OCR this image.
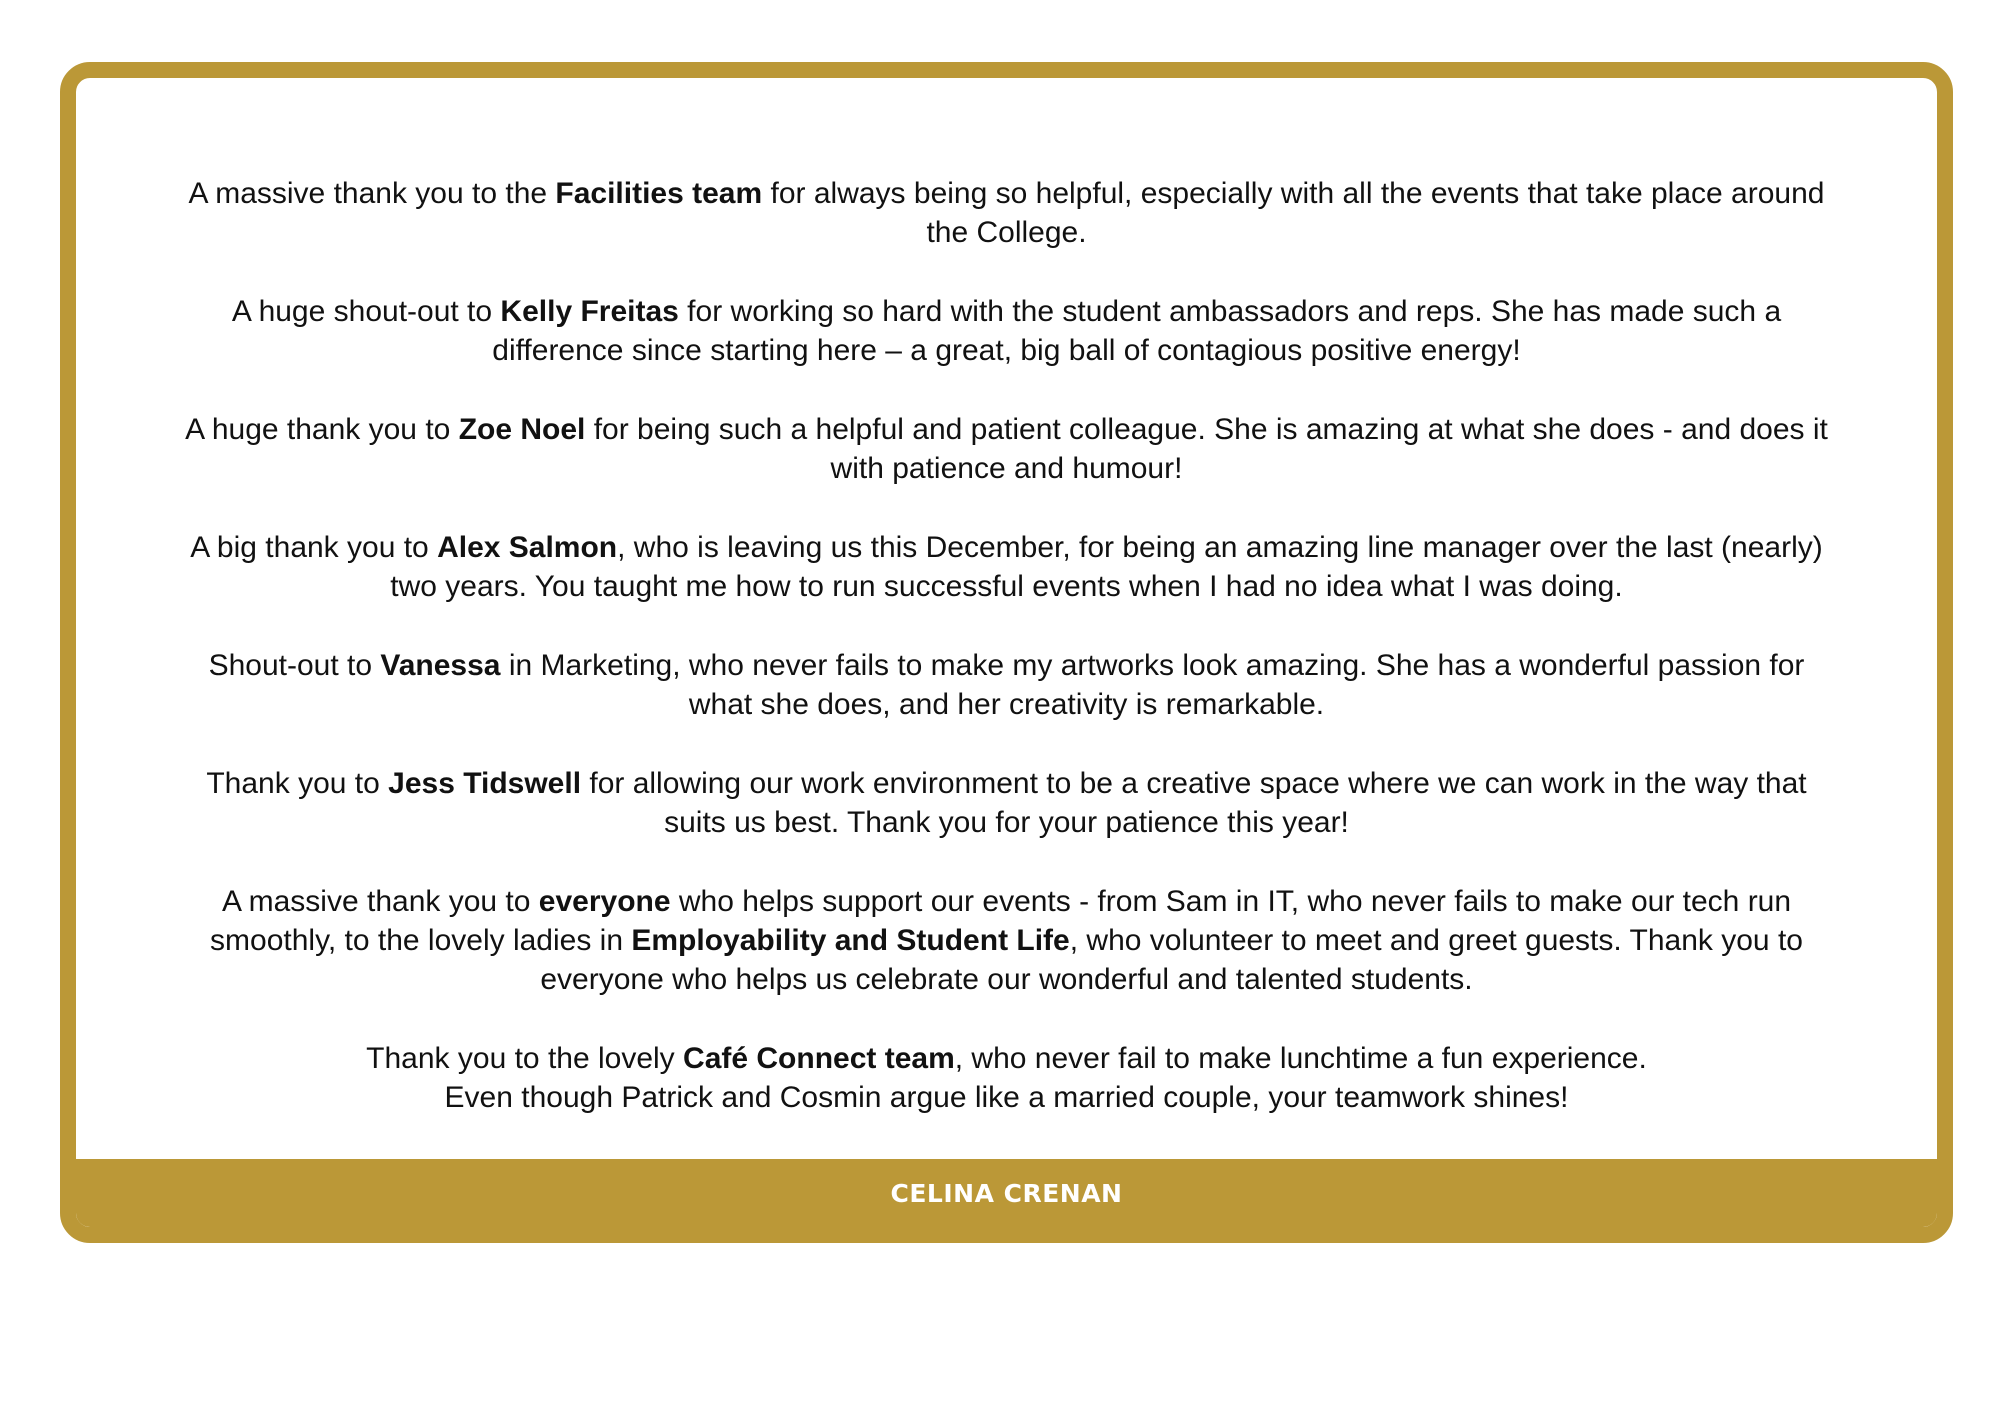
A massive thank you to the Facilities team for always being so helpful, especially with all the events that take place around the College.

A huge shout-out to Kelly Freitas for working so hard with the student ambassadors and reps. She has made such a difference since starting here – a great, big ball of contagious positive energy!

A huge thank you to Zoe Noel for being such a helpful and patient colleague. She is amazing at what she does - and does it with patience and humour!

A big thank you to Alex Salmon, who is leaving us this December, for being an amazing line manager over the last (nearly) two years. You taught me how to run successful events when I had no idea what I was doing.

Shout-out to Vanessa in Marketing, who never fails to make my artworks look amazing. She has a wonderful passion for what she does, and her creativity is remarkable.

Thank you to Jess Tidswell for allowing our work environment to be a creative space where we can work in the way that suits us best. Thank you for your patience this year!

A massive thank you to everyone who helps support our events - from Sam in IT, who never fails to make our tech run smoothly, to the lovely ladies in Employability and Student Life, who volunteer to meet and greet guests. Thank you to everyone who helps us celebrate our wonderful and talented students.

Thank you to the lovely Café Connect team, who never fail to make lunchtime a fun experience.
Even though Patrick and Cosmin argue like a married couple, your teamwork shines!

CELINA CRENAN
